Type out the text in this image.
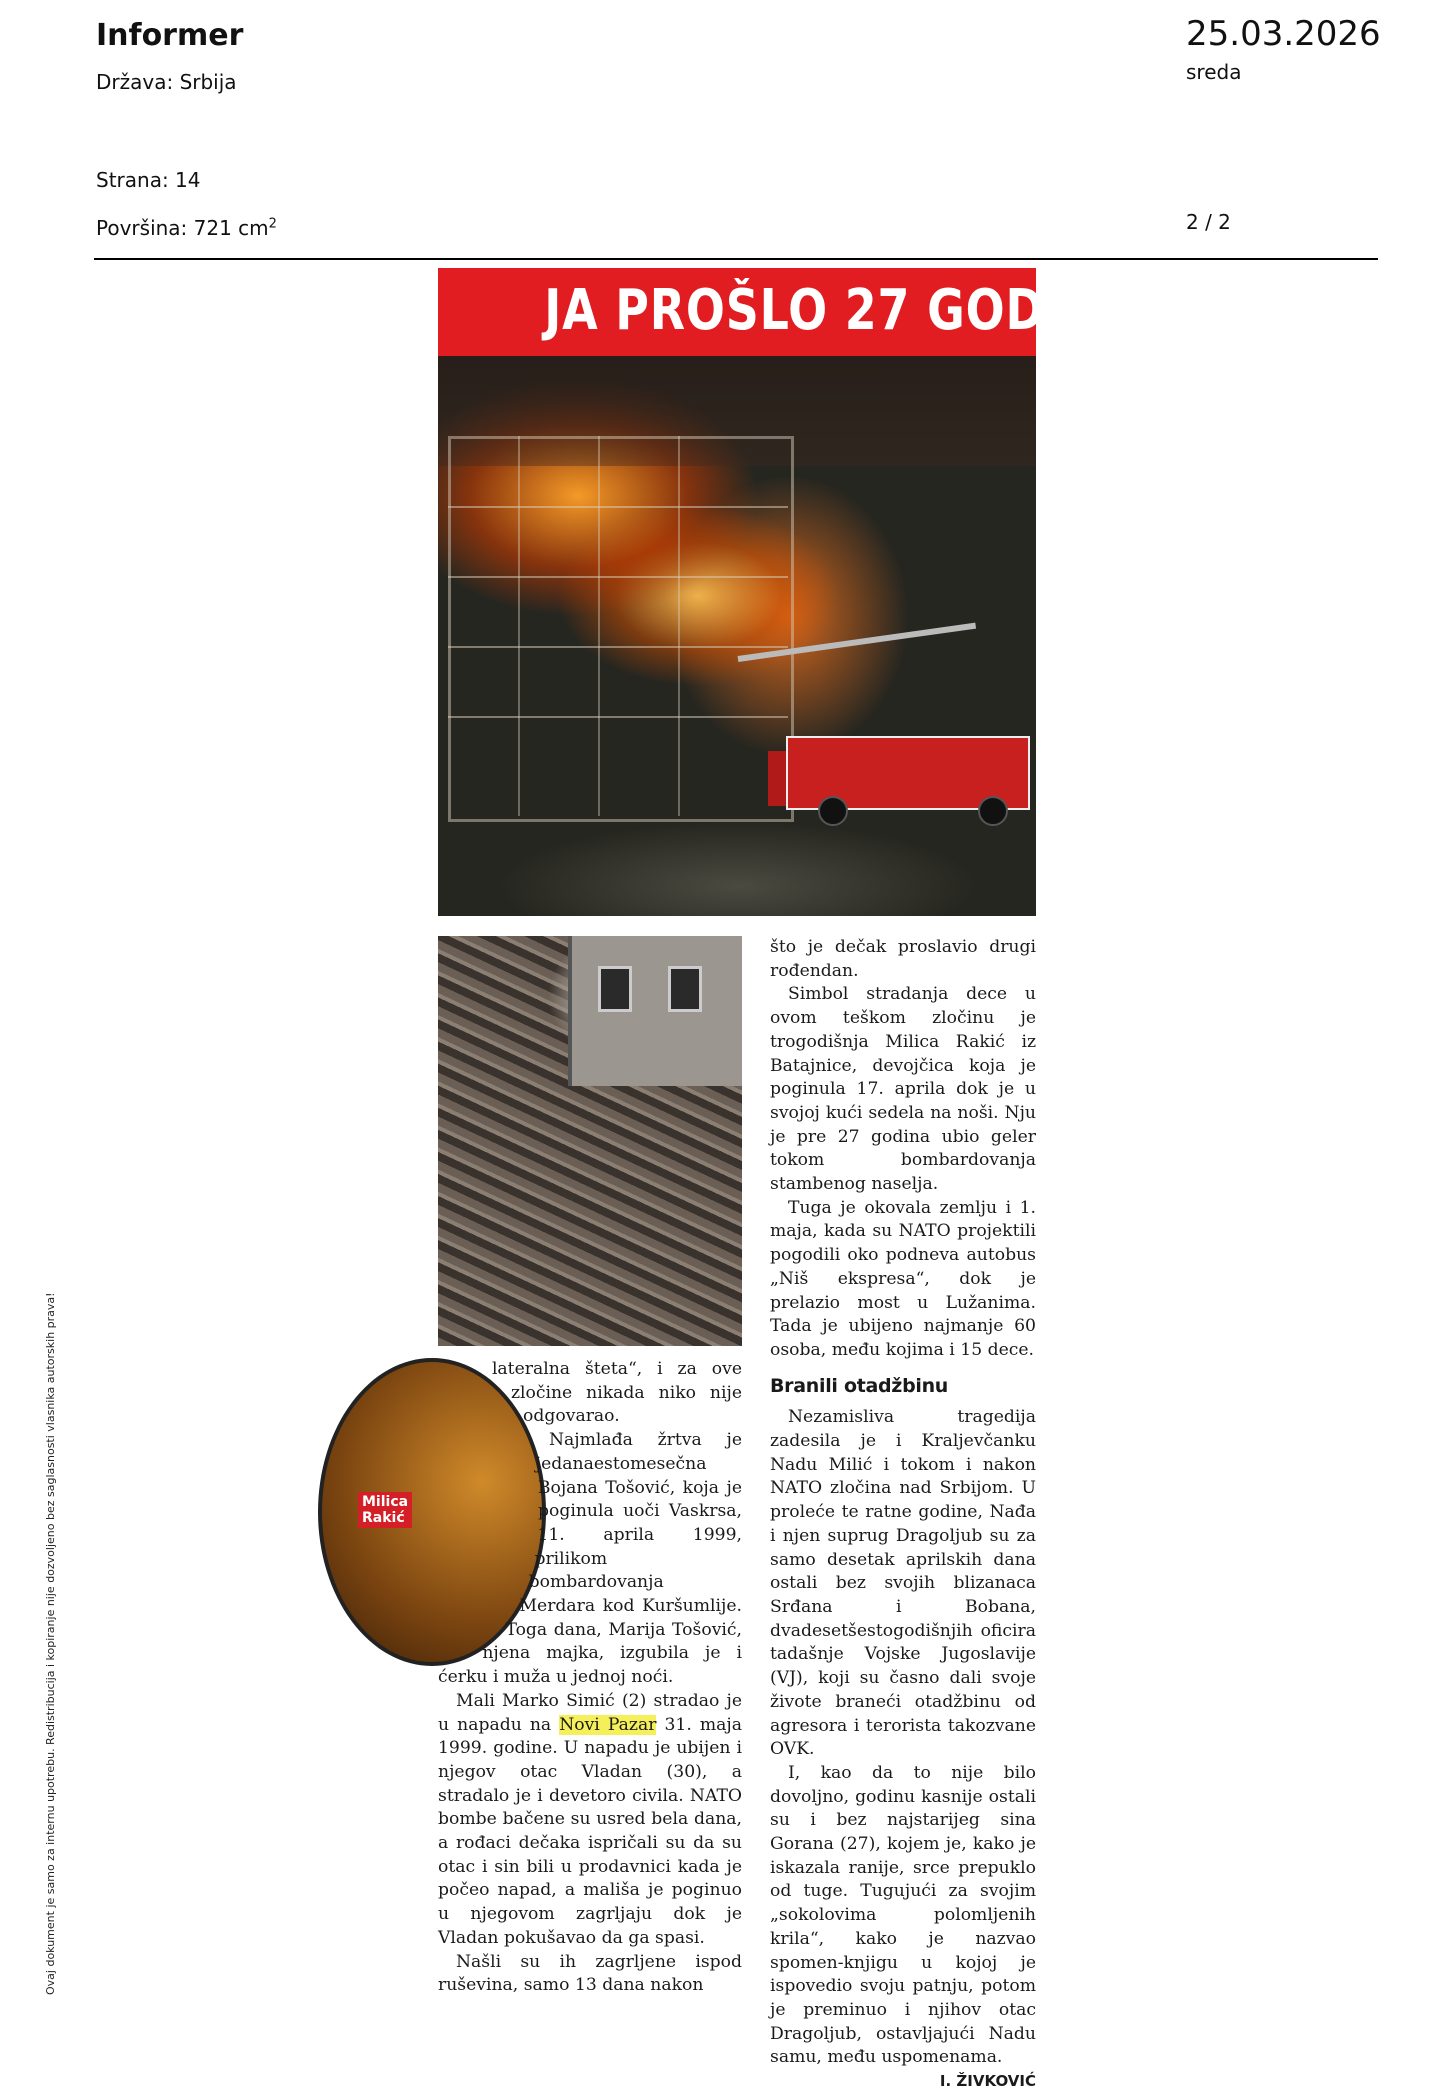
Informer
Država: Srbija
25.03.2026
sreda
Strana: 14
Površina: 721 $cm^2$	2 / 2
Ovaj dokument je samo za internu upotrebu. Redistribucija i kopiranje nije dozvoljeno bez saglasnosti vlasnika autorskih prava!
JA PROŠLO 27 GODINA
Milica
Rakić

lateralna šteta“, i za ove zločine nikada niko nije odgovarao.

Najmlađa žrtva je jedanaestomesečna Bojana Tošović, koja je poginula uoči Vaskrsa, 11. aprila 1999, prilikom bombardovanja Merdara kod Kuršumlije. Toga dana, Marija Tošović, njena majka, izgubila je i ćerku i muža u jednoj noći.

Mali Marko Simić (2) stradao je u napadu na Novi Pazar 31. maja 1999. godine. U napadu je ubijen i njegov otac Vladan (30), a stradalo je i devetoro civila. NATO bombe bačene su usred bela dana, a rođaci dečaka ispričali su da su otac i sin bili u prodavnici kada je počeo napad, a mališa je poginuo u njegovom zagrljaju dok je Vladan pokušavao da ga spasi.

Našli su ih zagrljene ispod ruševina, samo 13 dana nakon

što je dečak proslavio drugi rođendan.

Simbol stradanja dece u ovom teškom zločinu je trogodišnja Milica Rakić iz Batajnice, devojčica koja je poginula 17. aprila dok je u svojoj kući sedela na noši. Nju je pre 27 godina ubio geler tokom bombardovanja stambenog naselja.

Tuga je okovala zemlju i 1. maja, kada su NATO projektili pogodili oko podneva autobus „Niš ekspresa“, dok je prelazio most u Lužanima. Tada je ubijeno najmanje 60 osoba, među kojima i 15 dece.

Branili otadžbinu

Nezamisliva tragedija zadesila je i Kraljevčanku Nadu Milić i tokom i nakon NATO zločina nad Srbijom. U proleće te ratne godine, Nađa i njen suprug Dragoljub su za samo desetak aprilskih dana ostali bez svojih blizanaca Srđana i Bobana, dvadesetšestogodišnjih oficira tadašnje Vojske Jugoslavije (VJ), koji su časno dali svoje živote braneći otadžbinu od agresora i terorista takozvane OVK.

I, kao da to nije bilo dovoljno, godinu kasnije ostali su i bez najstarijeg sina Gorana (27), kojem je, kako je iskazala ranije, srce prepuklo od tuge. Tugujući za svojim „sokolovima polomljenih krila“, kako je nazvao spomen-knjigu u kojoj je ispovedio svoju patnju, potom je preminuo i njihov otac Dragoljub, ostavljajući Nadu samu, među uspomenama.

I. ŽIVKOVIĆ
